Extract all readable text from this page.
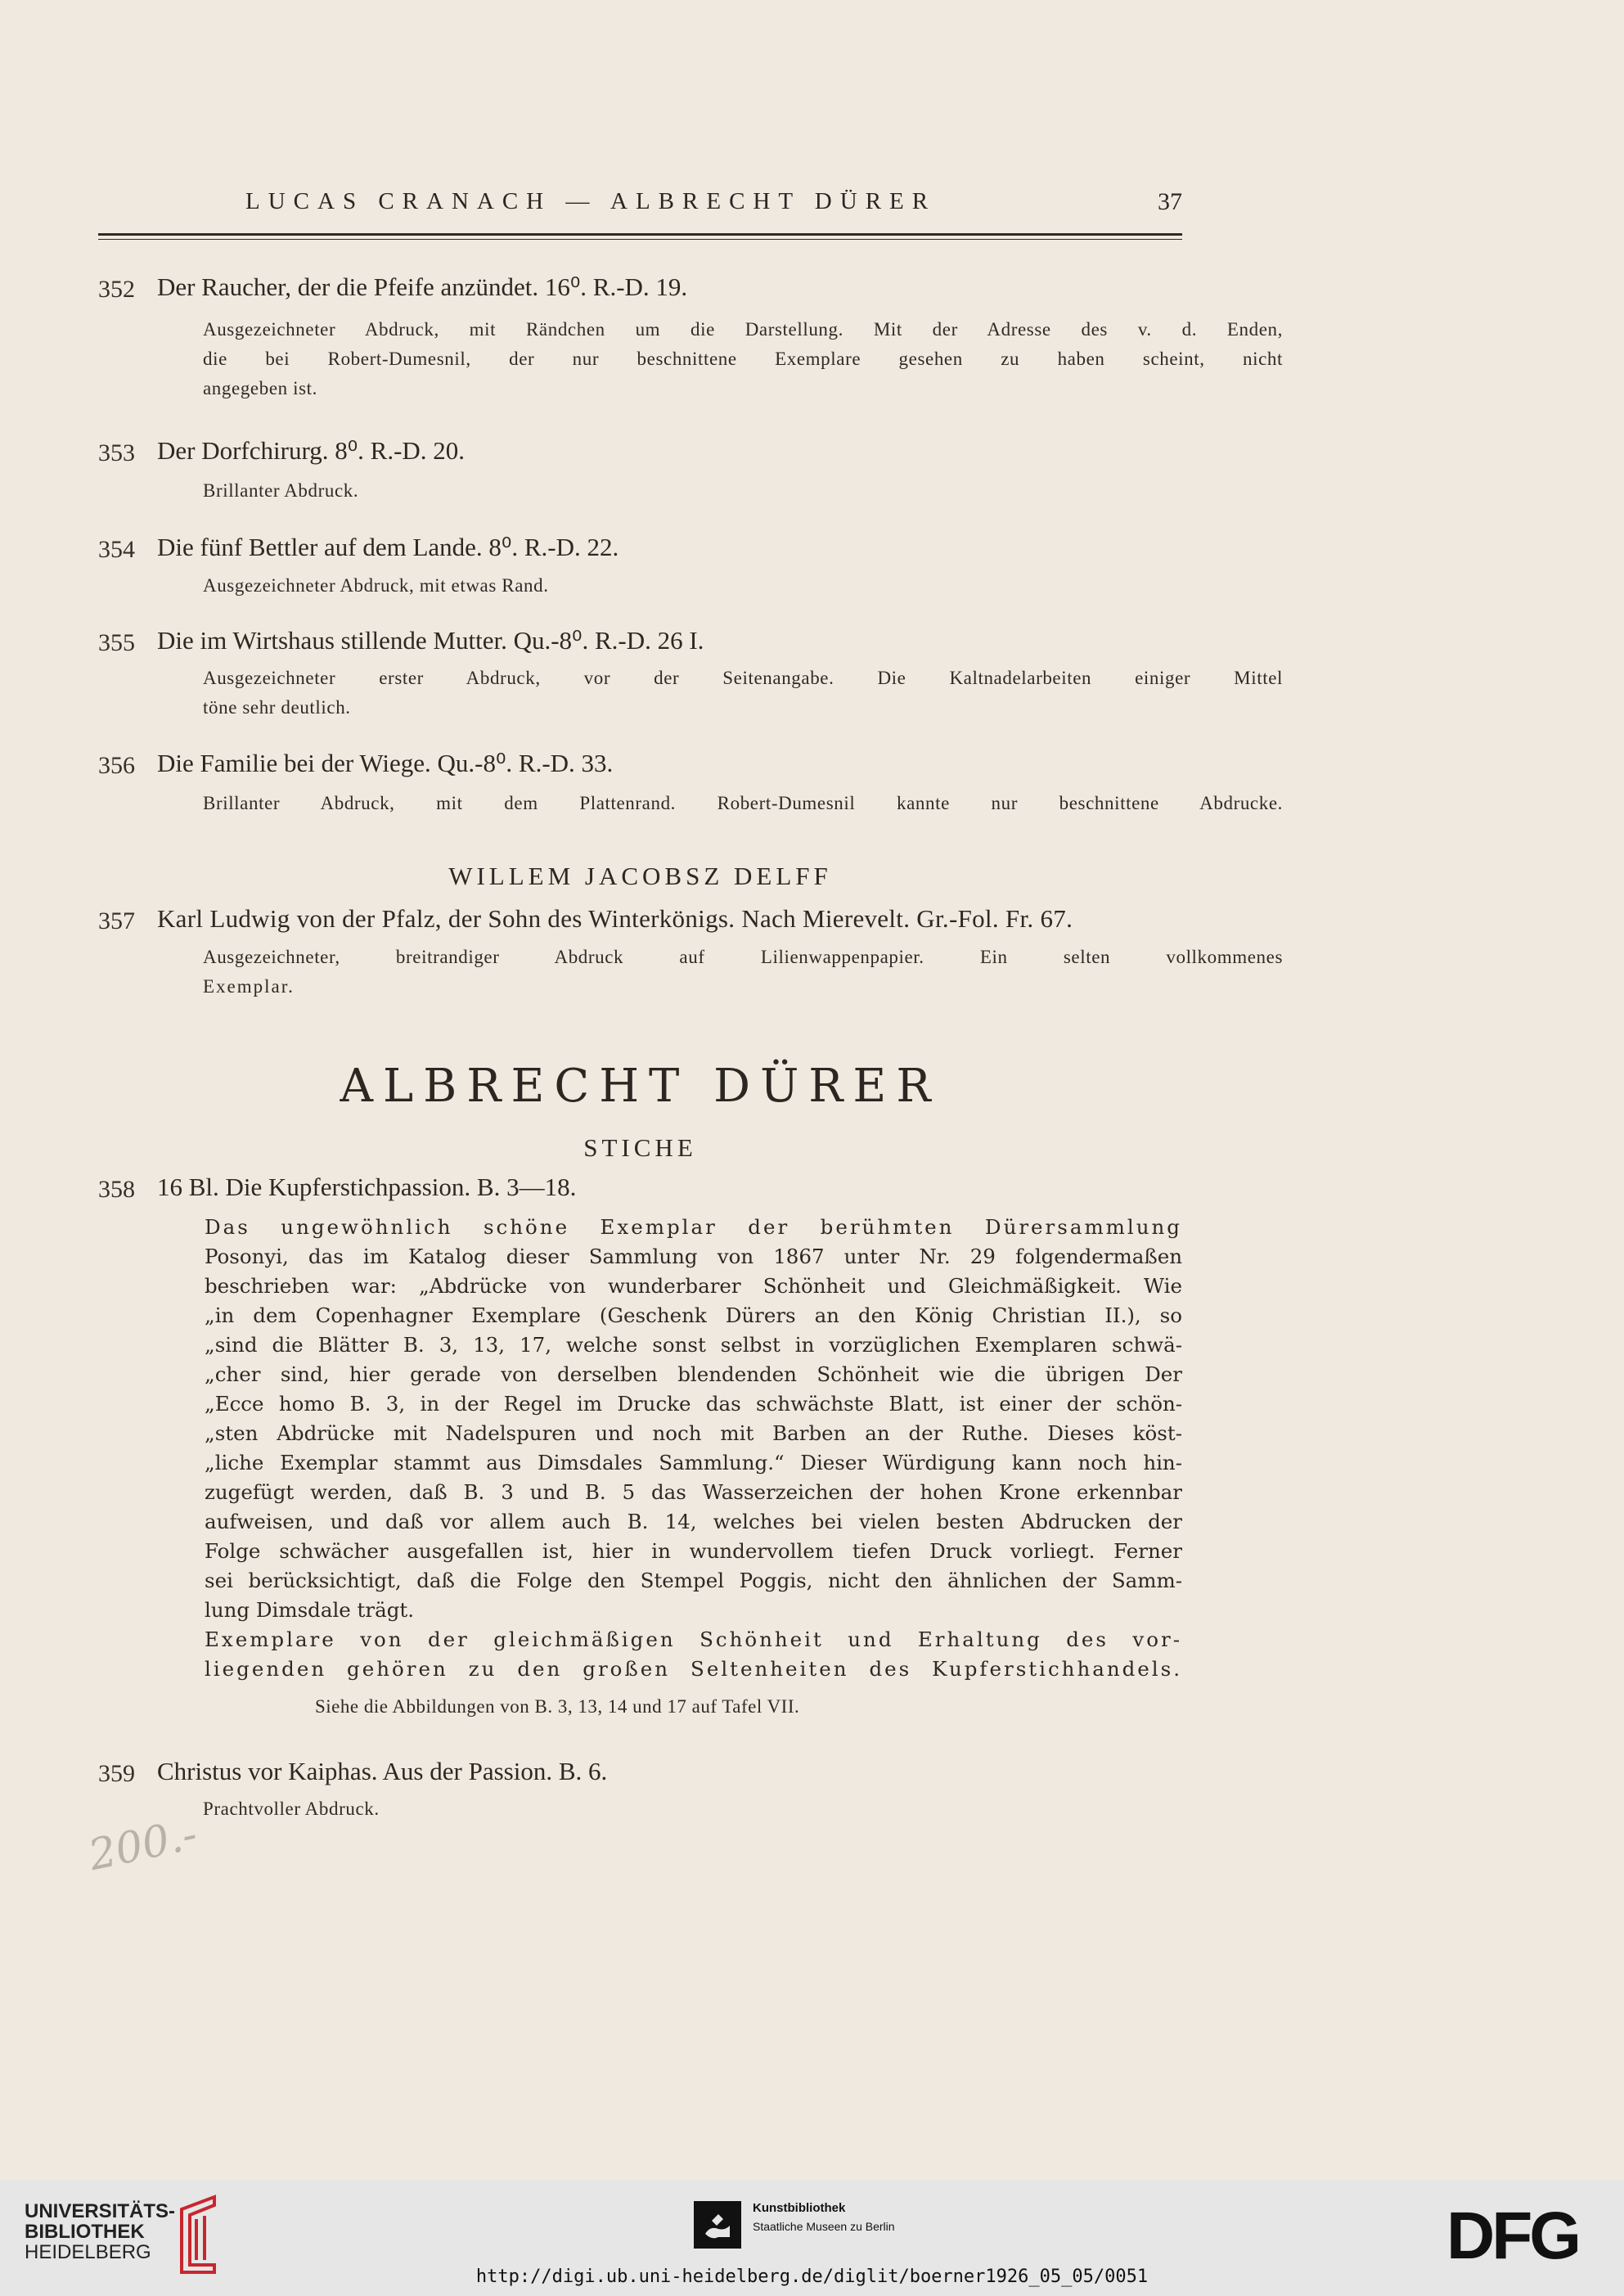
LUCAS CRANACH — ALBRECHT DÜRER	37
352 Der Raucher, der die Pfeife anzündet. 16⁰. R.-D. 19.
Ausgezeichneter Abdruck, mit Rändchen um die Darstellung. Mit der Adresse des v. d. Enden,
die bei Robert-Dumesnil, der nur beschnittene Exemplare gesehen zu haben scheint, nicht
angegeben ist.
353 Der Dorfchirurg. 8⁰. R.-D. 20.
Brillanter Abdruck.
354 Die fünf Bettler auf dem Lande. 8⁰. R.-D. 22.
Ausgezeichneter Abdruck, mit etwas Rand.
355 Die im Wirtshaus stillende Mutter. Qu.-8⁰. R.-D. 26 I.
Ausgezeichneter erster Abdruck, vor der Seitenangabe. Die Kaltnadelarbeiten einiger Mittel
töne sehr deutlich.
356 Die Familie bei der Wiege. Qu.-8⁰. R.-D. 33.
Brillanter Abdruck, mit dem Plattenrand. Robert-Dumesnil kannte nur beschnittene Abdrucke.
WILLEM JACOBSZ DELFF
357 Karl Ludwig von der Pfalz, der Sohn des Winterkönigs. Nach Mierevelt. Gr.-Fol. Fr. 67.
Ausgezeichneter, breitrandiger Abdruck auf Lilienwappenpapier. Ein selten vollkommenes
Exemplar.
ALBRECHT DÜRER
STICHE
358 16 Bl. Die Kupferstichpassion. B. 3—18.
Das ungewöhnlich schöne Exemplar der berühmten Dürersammlung
Posonyi, das im Katalog dieser Sammlung von 1867 unter Nr. 29 folgendermaßen
beschrieben war: „Abdrücke von wunderbarer Schönheit und Gleichmäßigkeit. Wie
„in dem Copenhagner Exemplare (Geschenk Dürers an den König Christian II.), so
„sind die Blätter B. 3, 13, 17, welche sonst selbst in vorzüglichen Exemplaren schwä-
„cher sind, hier gerade von derselben blendenden Schönheit wie die übrigen Der
„Ecce homo B. 3, in der Regel im Drucke das schwächste Blatt, ist einer der schön-
„sten Abdrücke mit Nadelspuren und noch mit Barben an der Ruthe. Dieses köst-
„liche Exemplar stammt aus Dimsdales Sammlung.“ Dieser Würdigung kann noch hin-
zugefügt werden, daß B. 3 und B. 5 das Wasserzeichen der hohen Krone erkennbar
aufweisen, und daß vor allem auch B. 14, welches bei vielen besten Abdrucken der
Folge schwächer ausgefallen ist, hier in wundervollem tiefen Druck vorliegt. Ferner
sei berücksichtigt, daß die Folge den Stempel Poggis, nicht den ähnlichen der Samm-
lung Dimsdale trägt.
Exemplare von der gleichmäßigen Schönheit und Erhaltung des vor-
liegenden gehören zu den großen Seltenheiten des Kupferstichhandels.
Siehe die Abbildungen von B. 3, 13, 14 und 17 auf Tafel VII.
359 Christus vor Kaiphas. Aus der Passion. B. 6.
Prachtvoller Abdruck.
200.-
UNIVERSITÄTS-
BIBLIOTHEK
HEIDELBERG
Kunstbibliothek
Staatliche Museen zu Berlin	DFG
http://digi.ub.uni-heidelberg.de/diglit/boerner1926_05_05/0051
